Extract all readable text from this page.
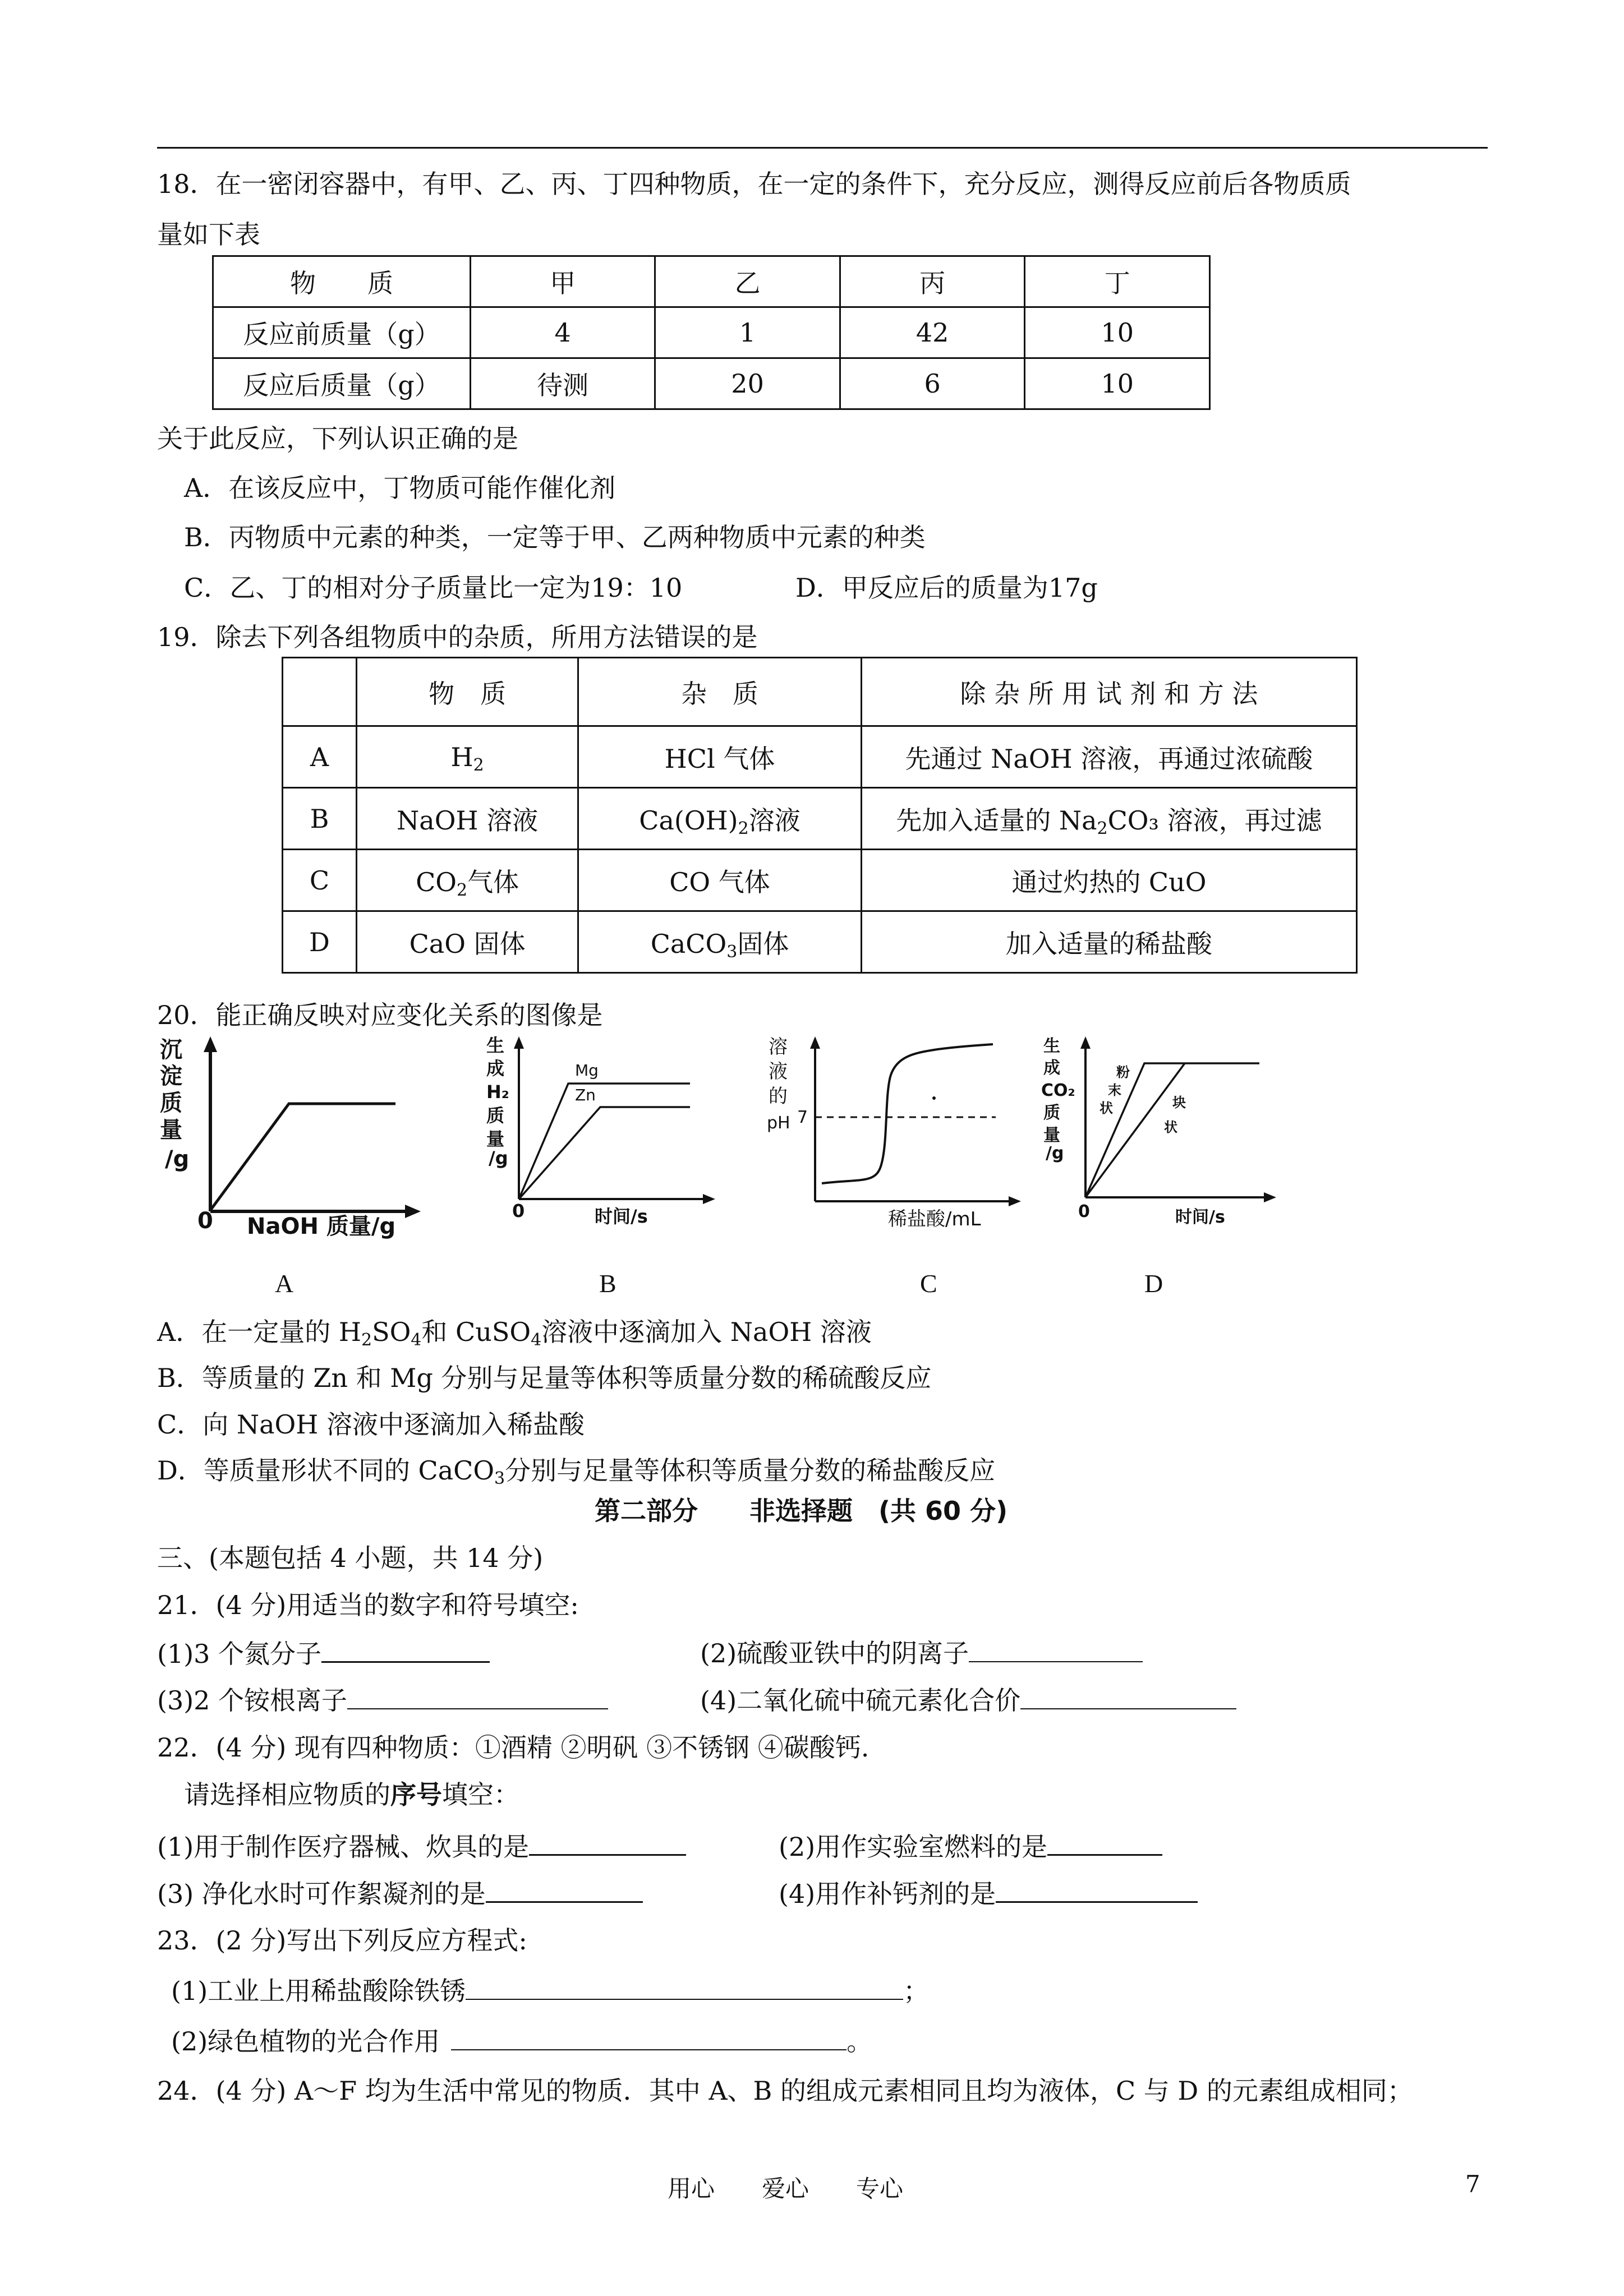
18．在一密闭容器中，有甲、乙、丙、丁四种物质，在一定的条件下，充分反应，测得反应前后各物质质
量如下表
物　　质	甲	乙	丙	丁
反应前质量（g）	4	1	42	10
反应后质量（g）	待测	20	6	10
关于此反应，下列认识正确的是
A．在该反应中，丁物质可能作催化剂
B．丙物质中元素的种类，一定等于甲、乙两种物质中元素的种类
C．乙、丁的相对分子质量比一定为19：10	D．甲反应后的质量为17g
19．除去下列各组物质中的杂质，所用方法错误的是
	物　质	杂　质	除 杂 所 用 试 剂 和 方 法
A	$H_2$	HCl 气体	先通过 NaOH 溶液，再通过浓硫酸
B	NaOH 溶液	$Ca(OH)_2$溶液	先加入适量的 $Na_2CO_3$ 溶液，再过滤
C	$CO_2$气体	CO 气体	通过灼热的 CuO
D	CaO 固体	CaCO$_3$固体	加入适量的稀盐酸
20．能正确反映对应变化关系的图像是
沉
淀
质
量
/g
0 NaOH 质量/g
A
生
成
H₂
质
量
/g
0	时间/s
Mg
Zn
B
溶
液
的
pH 7
稀盐酸/mL
C
生
成
CO₂
质
量
/g
0	时间/s
粉
末
状	块
状
D
A．在一定量的 $H_2SO_4$和 CuSO$_4$溶液中逐滴加入 NaOH 溶液
B．等质量的 Zn 和 Mg 分别与足量等体积等质量分数的稀硫酸反应
C．向 NaOH 溶液中逐滴加入稀盐酸
D．等质量形状不同的 CaCO$_3$分别与足量等体积等质量分数的稀盐酸反应
第二部分　　非选择题　(共 60 分)
三、(本题包括 4 小题，共 14 分)
21．(4 分)用适当的数字和符号填空:
(1)3 个氮分子	(2)硫酸亚铁中的阴离子
(3)2 个铵根离子	(4)二氧化硫中硫元素化合价
22．(4 分) 现有四种物质：①酒精 ②明矾 ③不锈钢 ④碳酸钙.
请选择相应物质的序号填空：
(1)用于制作医疗器械、炊具的是	(2)用作实验室燃料的是
(3) 净化水时可作絮凝剂的是	(4)用作补钙剂的是
23．(2 分)写出下列反应方程式:
(1)工业上用稀盐酸除铁锈	；
(2)绿色植物的光合作用	。
24．(4 分) A～F 均为生活中常见的物质．其中 A、B 的组成元素相同且均为液体，C 与 D 的元素组成相同；
用心　　爱心　　专心	7
